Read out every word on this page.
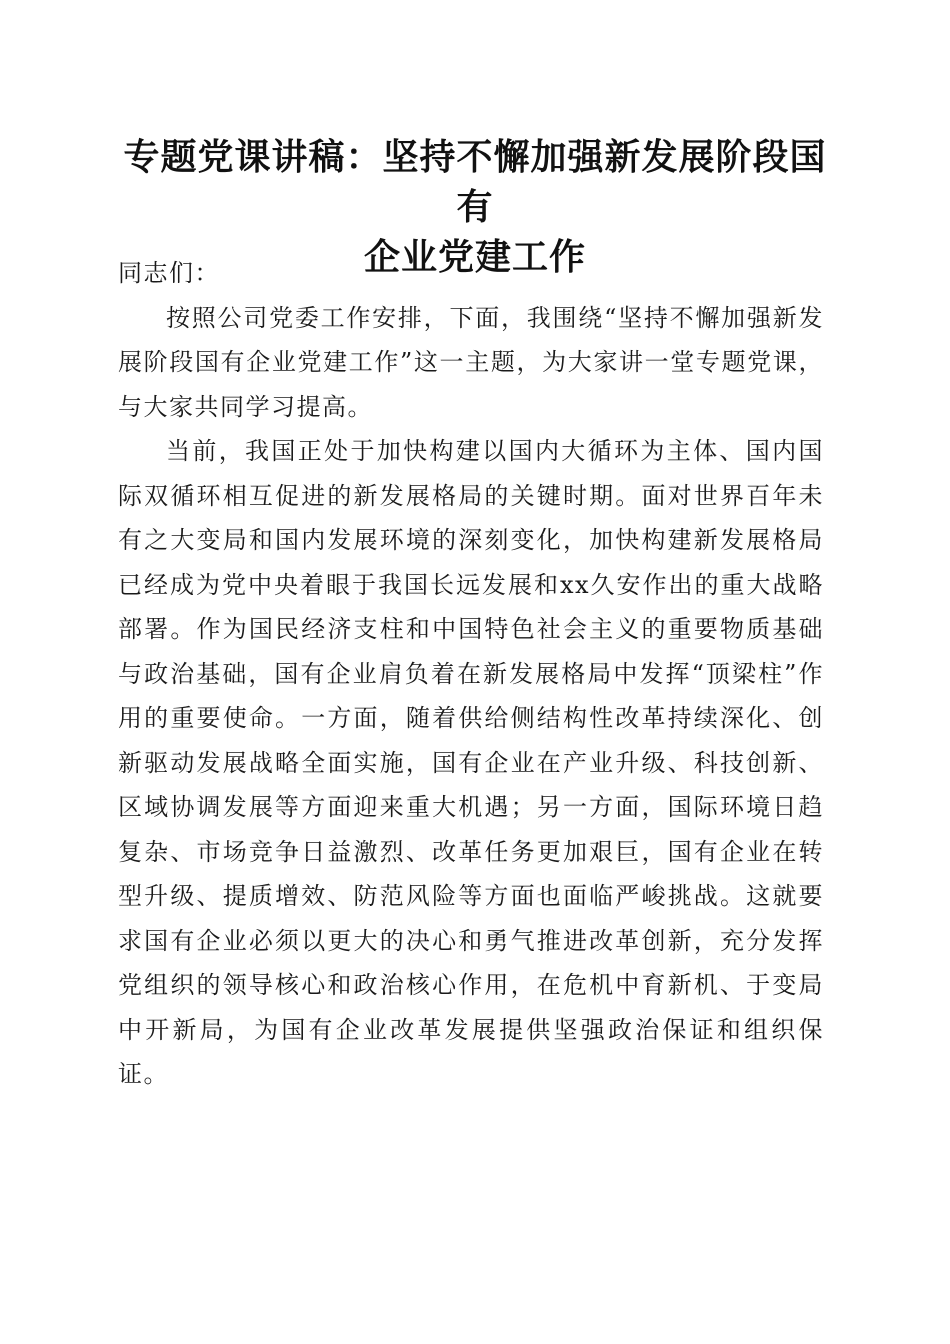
专题党课讲稿：坚持不懈加强新发展阶段国有
企业党建工作

同志们：

按照公司党委工作安排，下面，我围绕“坚持不懈加强新发展阶段国有企业党建工作”这一主题，为大家讲一堂专题党课，与大家共同学习提高。

当前，我国正处于加快构建以国内大循环为主体、国内国际双循环相互促进的新发展格局的关键时期。面对世界百年未有之大变局和国内发展环境的深刻变化，加快构建新发展格局已经成为党中央着眼于我国长远发展和xx久安作出的重大战略部署。作为国民经济支柱和中国特色社会主义的重要物质基础与政治基础，国有企业肩负着在新发展格局中发挥“顶梁柱”作用的重要使命。一方面，随着供给侧结构性改革持续深化、创新驱动发展战略全面实施，国有企业在产业升级、科技创新、区域协调发展等方面迎来重大机遇；另一方面，国际环境日趋复杂、市场竞争日益激烈、改革任务更加艰巨，国有企业在转型升级、提质增效、防范风险等方面也面临严峻挑战。这就要求国有企业必须以更大的决心和勇气推进改革创新，充分发挥党组织的领导核心和政治核心作用，在危机中育新机、于变局中开新局，为国有企业改革发展提供坚强政治保证和组织保证。
